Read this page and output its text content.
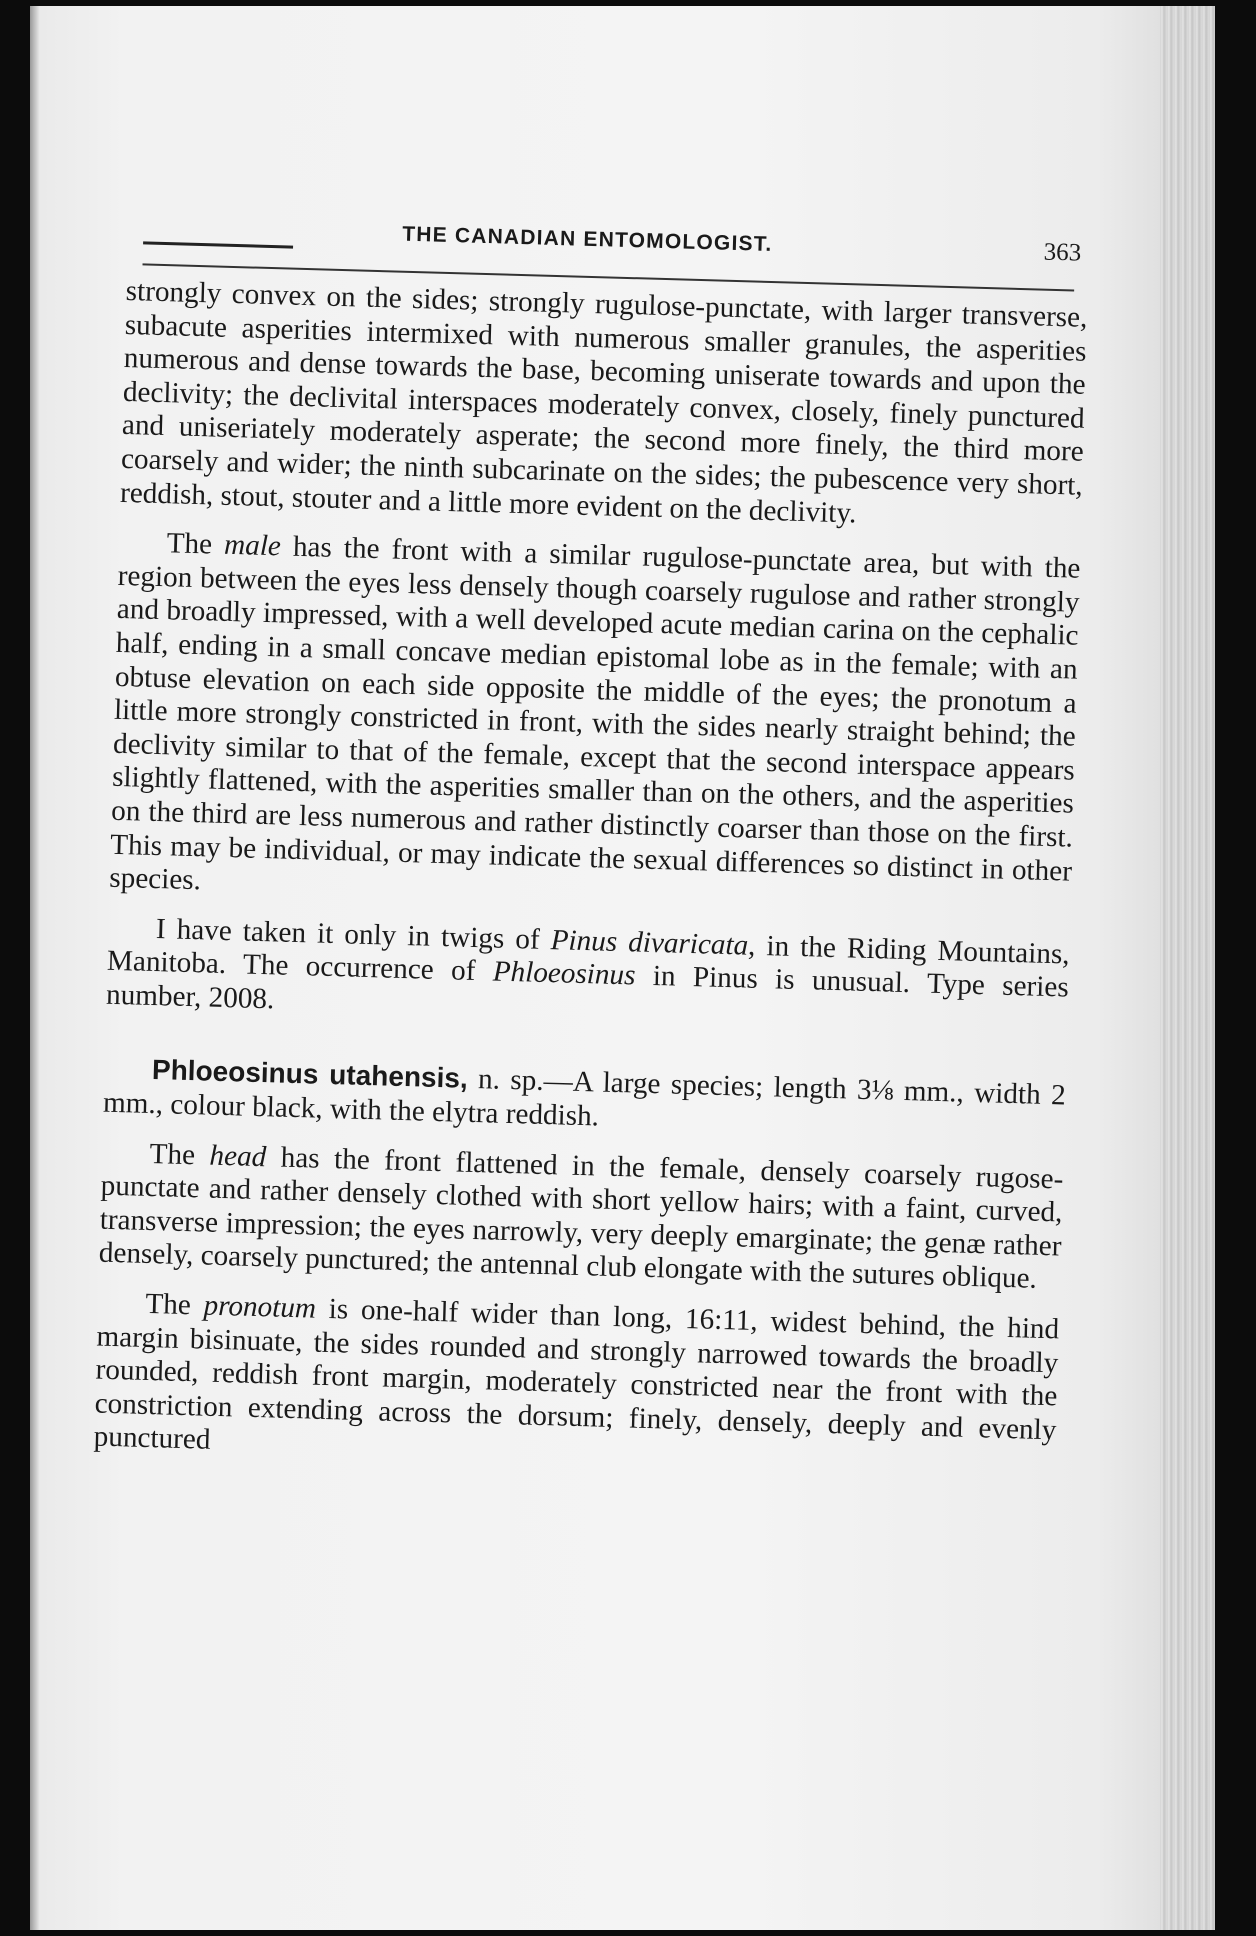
THE CANADIAN ENTOMOLOGIST.	363

strongly convex on the sides; strongly rugulose-punctate, with larger transverse, subacute asperities intermixed with numerous smaller granules, the asperities numerous and dense towards the base, becoming uniserate towards and upon the declivity; the declivital interspaces moderately convex, closely, finely punctured and uniseriately moderately asperate; the second more finely, the third more coarsely and wider; the ninth subcarinate on the sides; the pubescence very short, reddish, stout, stouter and a little more evident on the declivity.

The male has the front with a similar rugulose-punctate area, but with the region between the eyes less densely though coarsely rugulose and rather strongly and broadly impressed, with a well developed acute median carina on the cephalic half, ending in a small concave median epistomal lobe as in the female; with an obtuse elevation on each side opposite the middle of the eyes; the pronotum a little more strongly constricted in front, with the sides nearly straight behind; the declivity similar to that of the female, except that the second interspace appears slightly flattened, with the asperities smaller than on the others, and the asperities on the third are less numerous and rather distinctly coarser than those on the first. This may be individual, or may indicate the sexual differences so distinct in other species.

I have taken it only in twigs of Pinus divaricata, in the Riding Mountains, Manitoba. The occurrence of Phloeosinus in Pinus is unusual. Type series number, 2008.

Phloeosinus utahensis, n. sp.—A large species; length 3⅛ mm., width 2 mm., colour black, with the elytra reddish.

The head has the front flattened in the female, densely coarsely rugose-punctate and rather densely clothed with short yellow hairs; with a faint, curved, transverse impression; the eyes narrowly, very deeply emarginate; the genæ rather densely, coarsely punctured; the antennal club elongate with the sutures oblique.

The pronotum is one-half wider than long, 16:11, widest behind, the hind margin bisinuate, the sides rounded and strongly narrowed towards the broadly rounded, reddish front margin, moderately constricted near the front with the constriction extending across the dorsum; finely, densely, deeply and evenly punctured
